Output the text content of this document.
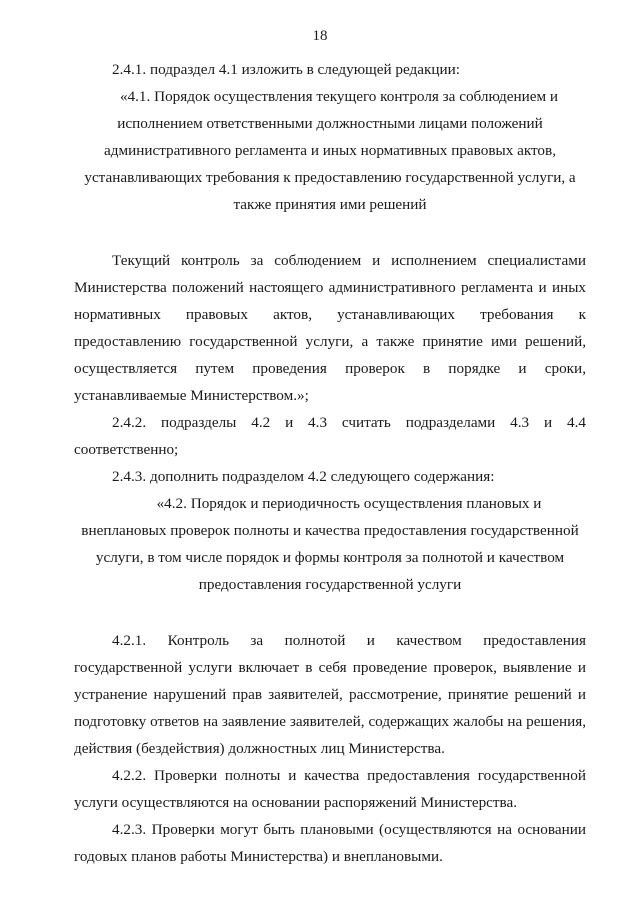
18

2.4.1. подраздел 4.1 изложить в следующей редакции:

«4.1. Порядок осуществления текущего контроля за соблюдением и
исполнением ответственными должностными лицами положений
административного регламента и иных нормативных правовых актов,
устанавливающих требования к предоставлению государственной услуги, а
также принятия ими решений

Текущий контроль за соблюдением и исполнением специалистами Министерства положений настоящего административного регламента и иных нормативных правовых актов, устанавливающих требования к предоставлению государственной услуги, а также принятие ими решений, осуществляется путем проведения проверок в порядке и сроки, устанавливаемые Министерством.»;

2.4.2. подразделы 4.2 и 4.3 считать подразделами 4.3 и 4.4 соответственно;

2.4.3. дополнить подразделом 4.2 следующего содержания:

«4.2. Порядок и периодичность осуществления плановых и
внеплановых проверок полноты и качества предоставления государственной
услуги, в том числе порядок и формы контроля за полнотой и качеством
предоставления государственной услуги

4.2.1. Контроль за полнотой и качеством предоставления государственной услуги включает в себя проведение проверок, выявление и устранение нарушений прав заявителей, рассмотрение, принятие решений и подготовку ответов на заявление заявителей, содержащих жалобы на решения, действия (бездействия) должностных лиц Министерства.

4.2.2. Проверки полноты и качества предоставления государственной услуги осуществляются на основании распоряжений Министерства.

4.2.3. Проверки могут быть плановыми (осуществляются на основании годовых планов работы Министерства) и внеплановыми.
